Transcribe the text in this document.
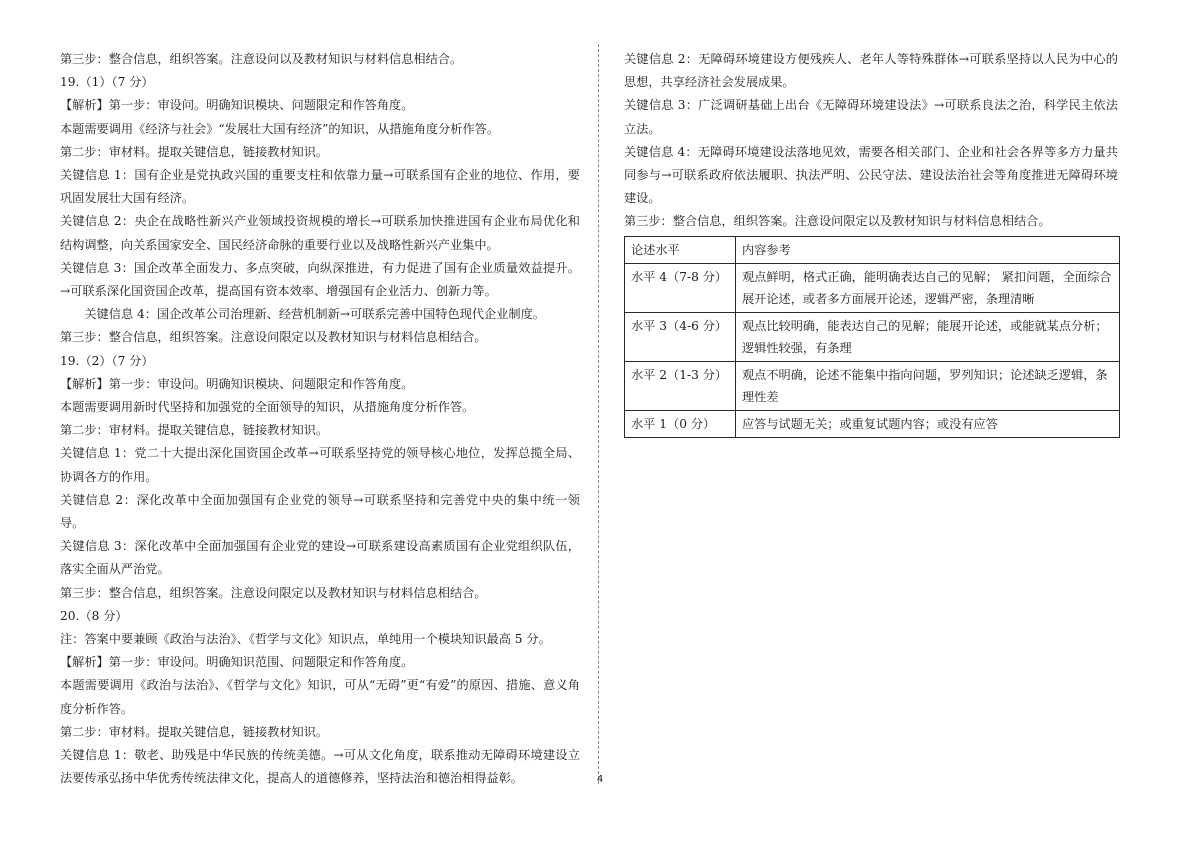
第三步：整合信息，组织答案。注意设问以及教材知识与材料信息相结合。

19.（1）（7 分）

【解析】第一步：审设问。明确知识模块、问题限定和作答角度。

本题需要调用《经济与社会》“发展壮大国有经济”的知识，从措施角度分析作答。

第二步：审材料。提取关键信息，链接教材知识。

关键信息 1：国有企业是党执政兴国的重要支柱和依靠力量→可联系国有企业的地位、作用，要巩固发展壮大国有经济。

关键信息 2：央企在战略性新兴产业领域投资规模的增长→可联系加快推进国有企业布局优化和结构调整，向关系国家安全、国民经济命脉的重要行业以及战略性新兴产业集中。

关键信息 3：国企改革全面发力、多点突破，向纵深推进，有力促进了国有企业质量效益提升。→可联系深化国资国企改革，提高国有资本效率、增强国有企业活力、创新力等。

关键信息 4：国企改革公司治理新、经营机制新→可联系完善中国特色现代企业制度。

第三步：整合信息，组织答案。注意设问限定以及教材知识与材料信息相结合。

19.（2）（7 分）

【解析】第一步：审设问。明确知识模块、问题限定和作答角度。

本题需要调用新时代坚持和加强党的全面领导的知识，从措施角度分析作答。

第二步：审材料。提取关键信息，链接教材知识。

关键信息 1：党二十大提出深化国资国企改革→可联系坚持党的领导核心地位，发挥总揽全局、协调各方的作用。

关键信息 2：深化改革中全面加强国有企业党的领导→可联系坚持和完善党中央的集中统一领导。

关键信息 3：深化改革中全面加强国有企业党的建设→可联系建设高素质国有企业党组织队伍，落实全面从严治党。

第三步：整合信息，组织答案。注意设问限定以及教材知识与材料信息相结合。

20.（8 分）

注：答案中要兼顾《政治与法治》、《哲学与文化》知识点，单纯用一个模块知识最高 5 分。

【解析】第一步：审设问。明确知识范围、问题限定和作答角度。

本题需要调用《政治与法治》、《哲学与文化》知识，可从“无碍”更“有爱”的原因、措施、意义角度分析作答。

第二步：审材料。提取关键信息，链接教材知识。

关键信息 1：敬老、助残是中华民族的传统美德。→可从文化角度，联系推动无障碍环境建设立法要传承弘扬中华优秀传统法律文化，提高人的道德修养，坚持法治和德治相得益彰。

关键信息 2：无障碍环境建设方便残疾人、老年人等特殊群体→可联系坚持以人民为中心的思想，共享经济社会发展成果。

关键信息 3：广泛调研基础上出台《无障碍环境建设法》→可联系良法之治，科学民主依法立法。

关键信息 4：无障碍环境建设法落地见效，需要各相关部门、企业和社会各界等多方力量共同参与→可联系政府依法履职、执法严明、公民守法、建设法治社会等角度推进无障碍环境建设。

第三步：整合信息，组织答案。注意设问限定以及教材知识与材料信息相结合。

论述水平	内容参考
水平 4（7-8 分）	观点鲜明，格式正确，能明确表达自己的见解； 紧扣问题，全面综合展开论述，或者多方面展开论述，逻辑严密，条理清晰
水平 3（4-6 分）	观点比较明确，能表达自己的见解；能展开论述，或能就某点分析；逻辑性较强，有条理
水平 2（1-3 分）	观点不明确，论述不能集中指向问题，罗列知识；论述缺乏逻辑，条理性差
水平 1（0 分）	应答与试题无关；或重复试题内容；或没有应答
4
